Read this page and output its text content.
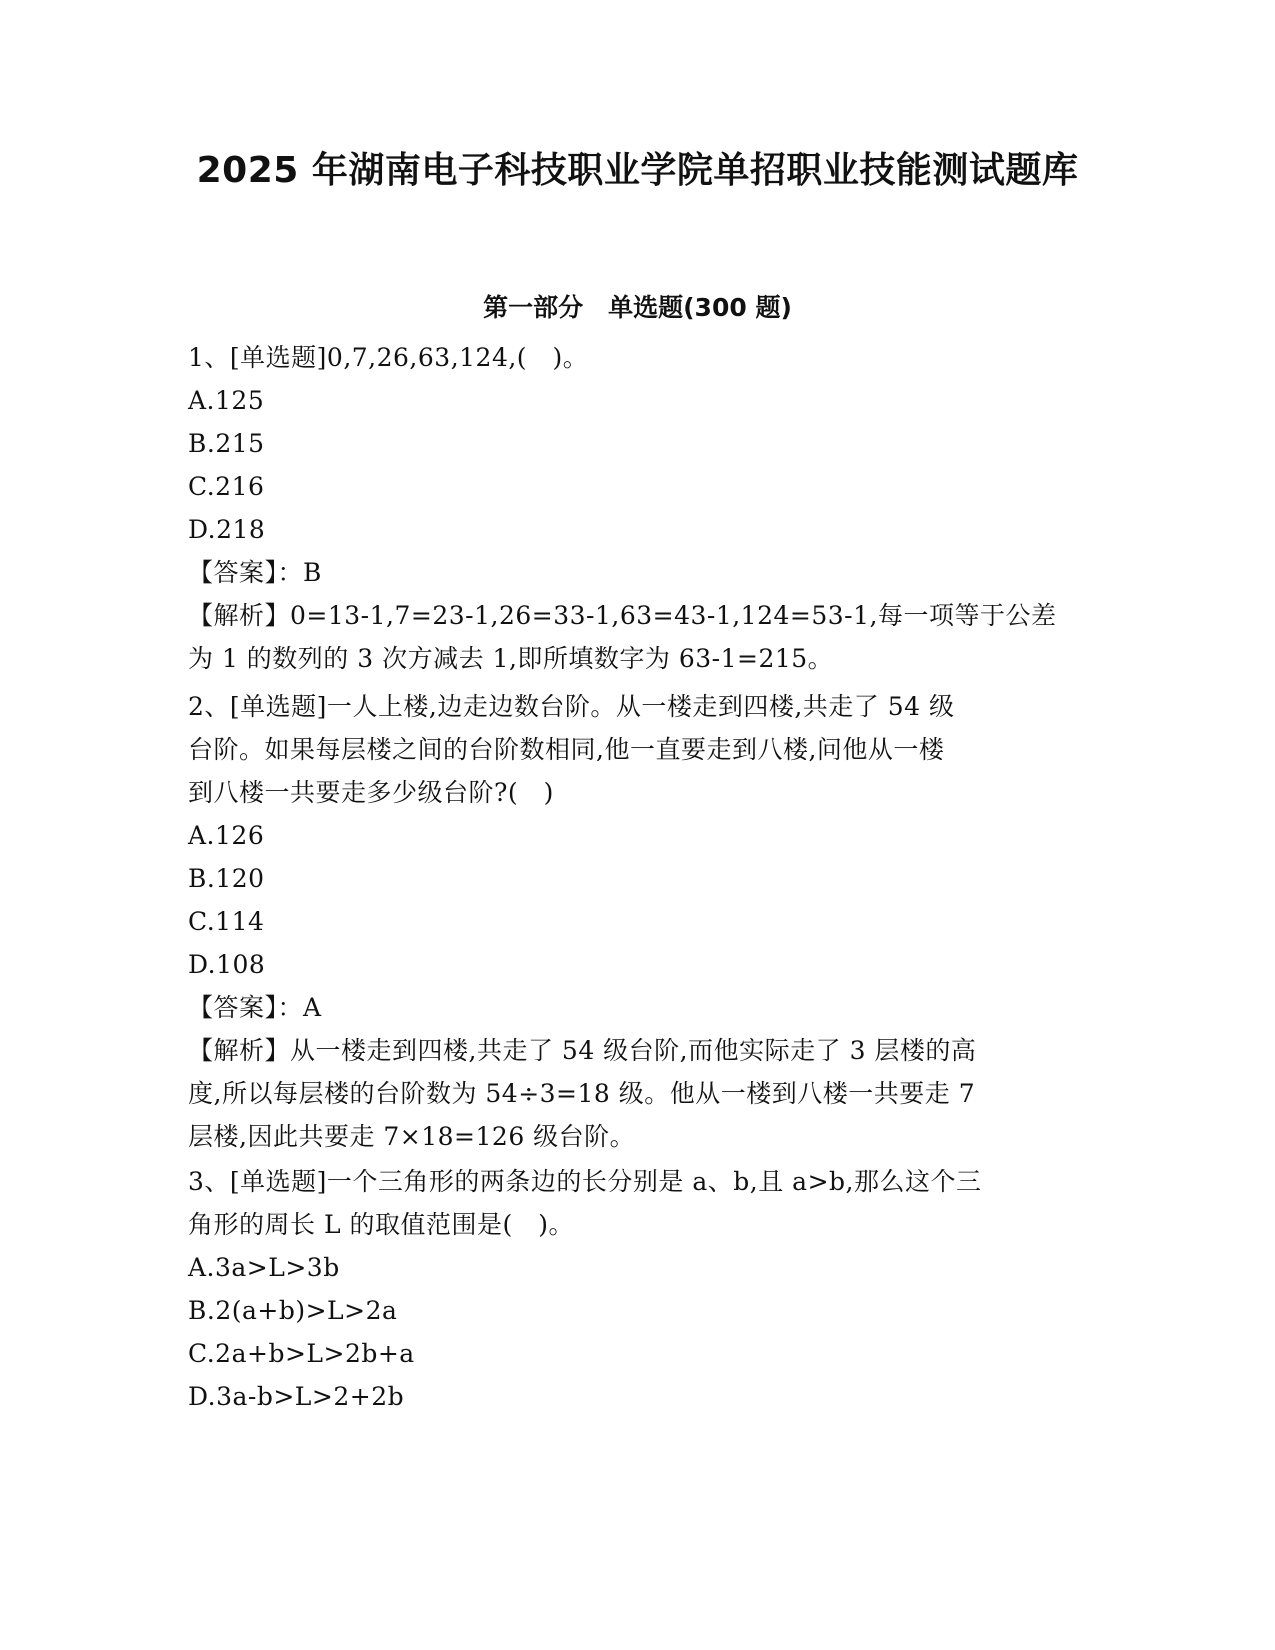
2025 年湖南电子科技职业学院单招职业技能测试题库
第一部分　单选题(300 题)
1、[单选题]0,7,26,63,124,(　)。
A.125
B.215
C.216
D.218
【答案】：B
【解析】0=13-1,7=23-1,26=33-1,63=43-1,124=53-1,每一项等于公差
为 1 的数列的 3 次方减去 1,即所填数字为 63-1=215。
2、[单选题]一人上楼,边走边数台阶。从一楼走到四楼,共走了 54 级
台阶。如果每层楼之间的台阶数相同,他一直要走到八楼,问他从一楼
到八楼一共要走多少级台阶?(　)
A.126
B.120
C.114
D.108
【答案】：A
【解析】从一楼走到四楼,共走了 54 级台阶,而他实际走了 3 层楼的高
度,所以每层楼的台阶数为 54÷3=18 级。他从一楼到八楼一共要走 7
层楼,因此共要走 7×18=126 级台阶。
3、[单选题]一个三角形的两条边的长分别是 a、b,且 a>b,那么这个三
角形的周长 L 的取值范围是(　)。
A.3a>L>3b
B.2(a+b)>L>2a
C.2a+b>L>2b+a
D.3a-b>L>2+2b
